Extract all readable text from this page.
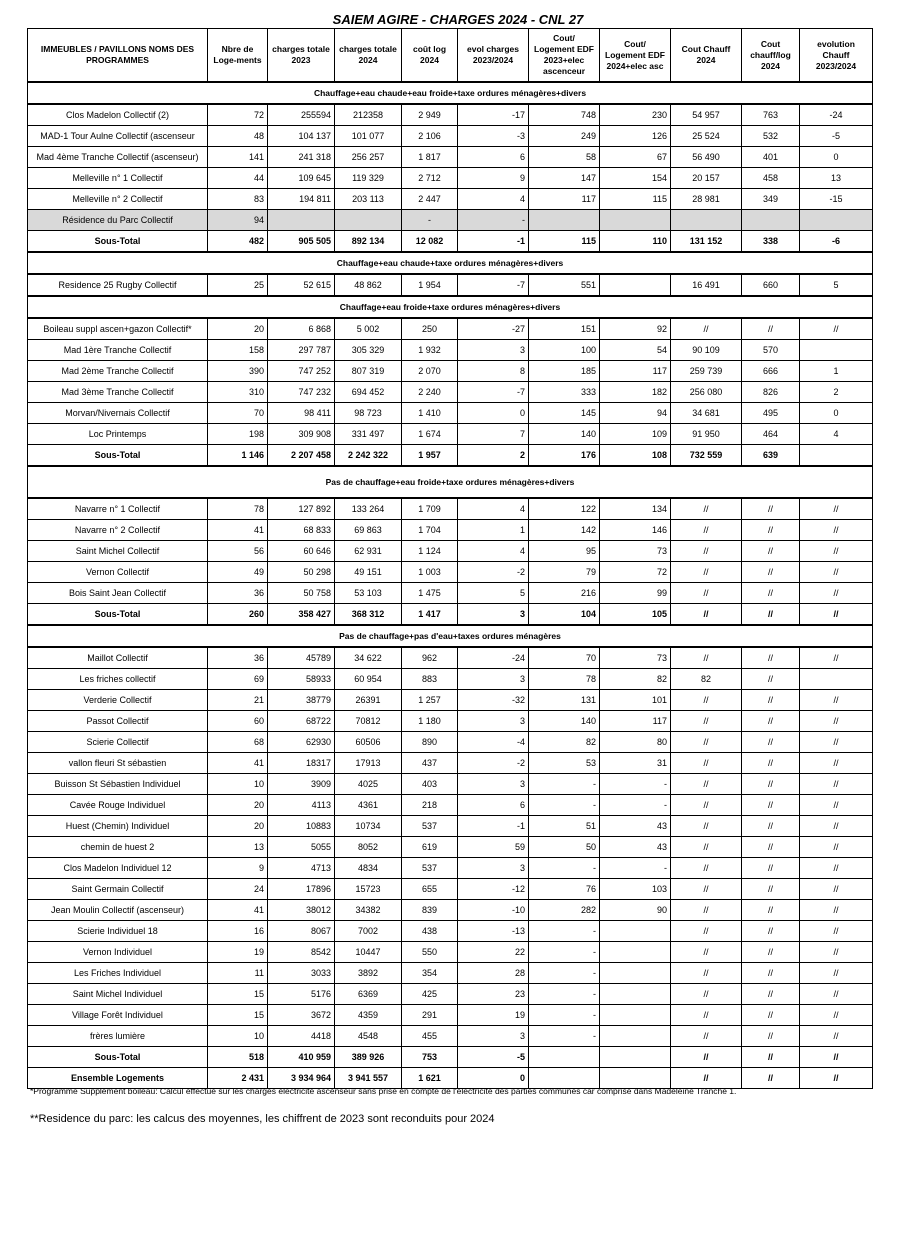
SAIEM AGIRE - CHARGES 2024 - CNL 27
IMMEUBLES / PAVILLONS NOMS DES PROGRAMMES	Nbre de Loge-ments	charges totale 2023	charges totale 2024	coût log 2024	evol charges 2023/2024	Cout/ Logement EDF 2023+elec ascenceur	Cout/ Logement EDF 2024+elec asc	Cout Chauff 2024	Cout chauff/log 2024	evolution Chauff 2023/2024
Chauffage+eau chaude+eau froide+taxe ordures ménagères+divers										
Clos Madelon Collectif (2)	72	255594	212358	2 949	-17	748	230	54 957	763	-24
MAD-1 Tour Aulne Collectif (ascenseur	48	104 137	101 077	2 106	-3	249	126	25 524	532	-5
Mad 4ème Tranche Collectif (ascenseur)	141	241 318	256 257	1 817	6	58	67	56 490	401	0
Melleville n° 1 Collectif	44	109 645	119 329	2 712	9	147	154	20 157	458	13
Melleville n° 2 Collectif	83	194 811	203 113	2 447	4	117	115	28 981	349	-15
Résidence du Parc Collectif	94			-	-					
Sous-Total	482	905 505	892 134	12 082	-1	115	110	131 152	338	-6
Chauffage+eau chaude+taxe ordures ménagères+divers										
Residence 25 Rugby Collectif	25	52 615	48 862	1 954	-7	551		16 491	660	5
Chauffage+eau froide+taxe ordures ménagères+divers										
Boileau suppl ascen+gazon Collectif*	20	6 868	5 002	250	-27	151	92	//	//	//
Mad 1ère Tranche Collectif	158	297 787	305 329	1 932	3	100	54	90 109	570	
Mad 2ème Tranche Collectif	390	747 252	807 319	2 070	8	185	117	259 739	666	1
Mad 3ème Tranche Collectif	310	747 232	694 452	2 240	-7	333	182	256 080	826	2
Morvan/Nivernais Collectif	70	98 411	98 723	1 410	0	145	94	34 681	495	0
Loc Printemps	198	309 908	331 497	1 674	7	140	109	91 950	464	4
Sous-Total	1 146	2 207 458	2 242 322	1 957	2	176	108	732 559	639	
Pas de chauffage+eau froide+taxe ordures ménagères+divers										
Navarre n° 1 Collectif	78	127 892	133 264	1 709	4	122	134	//	//	//
Navarre n° 2 Collectif	41	68 833	69 863	1 704	1	142	146	//	//	//
Saint Michel Collectif	56	60 646	62 931	1 124	4	95	73	//	//	//
Vernon Collectif	49	50 298	49 151	1 003	-2	79	72	//	//	//
Bois Saint Jean Collectif	36	50 758	53 103	1 475	5	216	99	//	//	//
Sous-Total	260	358 427	368 312	1 417	3	104	105	//	//	//
Pas de chauffage+pas d'eau+taxes ordures ménagères										
Maillot Collectif	36	45789	34 622	962	-24	70	73	//	//	//
Les friches collectif	69	58933	60 954	883	3	78	82	82	//	
Verderie Collectif	21	38779	26391	1 257	-32	131	101	//	//	//
Passot Collectif	60	68722	70812	1 180	3	140	117	//	//	//
Scierie Collectif	68	62930	60506	890	-4	82	80	//	//	//
vallon fleuri St sébastien	41	18317	17913	437	-2	53	31	//	//	//
Buisson St Sébastien Individuel	10	3909	4025	403	3	-	-	//	//	//
Cavée Rouge Individuel	20	4113	4361	218	6	-	-	//	//	//
Huest (Chemin) Individuel	20	10883	10734	537	-1	51	43	//	//	//
chemin de huest 2	13	5055	8052	619	59	50	43	//	//	//
Clos Madelon Individuel 12	9	4713	4834	537	3	-	-	//	//	//
Saint Germain Collectif	24	17896	15723	655	-12	76	103	//	//	//
Jean Moulin Collectif (ascenseur)	41	38012	34382	839	-10	282	90	//	//	//
Scierie Individuel 18	16	8067	7002	438	-13	-		//	//	//
Vernon Individuel	19	8542	10447	550	22	-		//	//	//
Les Friches Individuel	11	3033	3892	354	28	-		//	//	//
Saint Michel Individuel	15	5176	6369	425	23	-		//	//	//
Village Forêt Individuel	15	3672	4359	291	19	-		//	//	//
frères lumière	10	4418	4548	455	3	-		//	//	//
Sous-Total	518	410 959	389 926	753	-5			//	//	//
Ensemble Logements	2 431	3 934 964	3 941 557	1 621	0			//	//	//
*Programme Supplément boileau: Calcul effectué sur les charges electricité ascenseur sans prise en compte de l'electricité des parties communes car comprise dans Madeleine Tranche 1.
**Residence du parc: les calcus des moyennes, les chiffrent de 2023 sont reconduits pour 2024
